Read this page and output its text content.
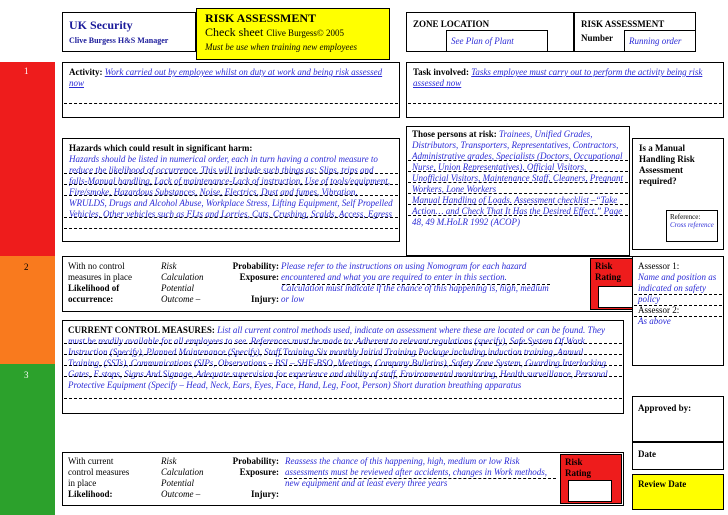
1
2
3
UK Security
Clive Burgess H&S Manager
RISK ASSESSMENT
Check sheet Clive Burgess© 2005
Must be use when training new employees
ZONE LOCATION
See Plan of Plant
RISK ASSESSMENT
Number	Running order
Activity: Work carried out by employee whilst on duty at work and being risk assessed now
Task involved: Tasks employee must carry out to perform the activity being risk assessed now
Hazards which could result in significant harm:
Hazards should be listed in numerical order, each in turn having a control measure to reduce the likelihood of occurrence. This will include such things as: Slips, trips and falls-Manual handling, Lack of maintenance-Lack of instruction, Use of tools/equipment, Fire/smoke, Hazardous Substances, Noise, Electrics, Dust and fumes, Vibration, WRULDS, Drugs and Alcohol Abuse, Workplace Stress, Lifting Equipment, Self Propelled Vehicles, Other vehicles such as FLts and Lorries, Cuts, Crushing, Scalds, Access, Egress
Those persons at risk: Trainees, Unified Grades, Distributors, Transporters, Representatives, Contractors, Administrative grades, Specialists (Doctors, Occupational Nurse, Union Representatives), Official Visitors, Unofficial Visitors, Maintenance Staff, Cleaners, Pregnant Workers, Lone Workers
Manual Handling of Loads. Assessment checklist –“Take Action… and Check That It Has the Desired Effect.” Page 48, 49 M.HoLR 1992 (ACOP)
Is a Manual Handling Risk Assessment required?
Reference:
Cross reference
With no control
measures in place
Likelihood of
occurrence:
Risk
Calculation
Potential
Outcome –
Probability:
Exposure:
Injury:
Please refer to the instructions on using Nomogram for each hazard encountered and what you are required to enter in this section. Calculation must indicate if the chance of this happening is, high, medium or low
Risk Rating
Assessor 1:
Name and position as indicated on safety policy
Assessor 2:
As above
CURRENT CONTROL MEASURES: List all current control methods used, indicate on assessment where these are located or can be found. They must be readily available for all employees to see. References must be made to: Adherent to relevant regulations (specify), Safe System Of Work Instruction (Specify), Planned Maintenance (Specify), Staff Training Six monthly Initial Training Package including induction training, Annual Training, (SSTs), Communications (SIPs, Observations – BSI – SHF-BSO, Meetings, Company Bulletins), Safety Zone System, Guarding Interlocking Gates, E stops, Signs And Signage, Adequate supervision for experience and ability of staff, Environmental monitoring, Health surveillance, Personal Protective Equipment (Specify – Head, Neck, Ears, Eyes, Face, Hand, Leg, Foot, Person) Short duration breathing apparatus
Approved by:
Date
Review Date
With current
control measures
in place
Likelihood:
Risk
Calculation
Potential
Outcome –
Probability:
Exposure:
Injury:
Reassess the chance of this happening, high, medium or low Risk assessments must be reviewed after accidents, changes in Work methods, new equipment and at least every three years
Risk Rating
